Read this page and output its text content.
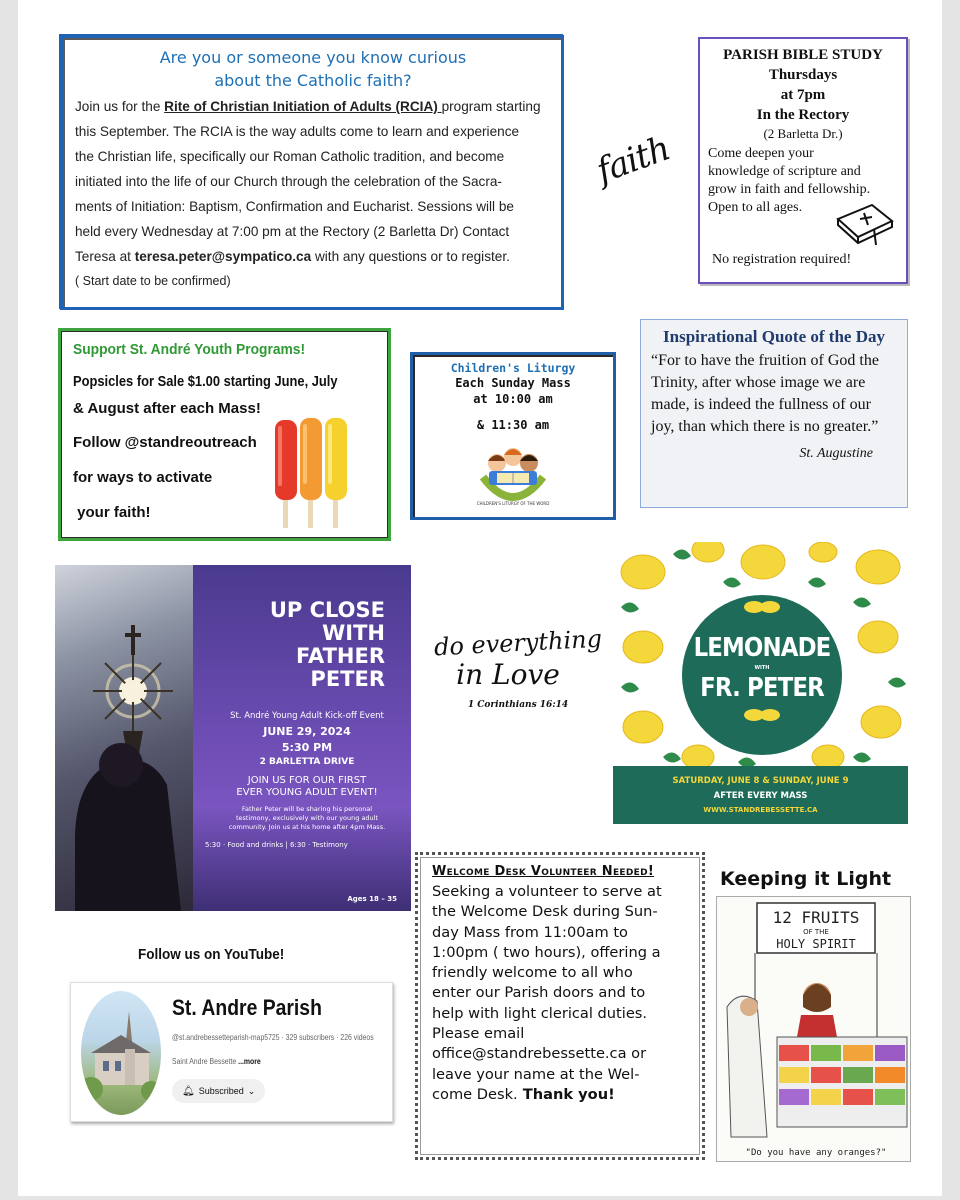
Are you or someone you know curious
about the Catholic faith?
Join us for the Rite of Christian Initiation of Adults (RCIA) program starting
this September. The RCIA is the way adults come to learn and experience
the Christian life, specifically our Roman Catholic tradition, and become
initiated into the life of our Church through the celebration of the Sacra-
ments of Initiation: Baptism, Confirmation and Eucharist. Sessions will be
held every Wednesday at 7:00 pm at the Rectory (2 Barletta Dr) Contact
Teresa at teresa.peter@sympatico.ca with any questions or to register.
( Start date to be confirmed)
faith
PARISH BIBLE STUDY
Thursdays
at 7pm
In the Rectory
(2 Barletta Dr.)
Come deepen your
knowledge of scripture and
grow in faith and fellowship.
Open to all ages.
No registration required!
Support St. André Youth Programs!
Popsicles for Sale $1.00 starting June, July
& August after each Mass!
Follow @standreoutreach
for ways to activate
your faith!
Children's Liturgy
Each Sunday Mass
at 10:00 am
& 11:30 am
CHILDREN'S LITURGY OF THE WORD
Inspirational Quote of the Day
“For to have the fruition of God the Trinity, after whose image we are made, is indeed the fullness of our joy, than which there is no greater.”
St. Augustine
UP CLOSE
WITH
FATHER
PETER
St. André Young Adult Kick-off Event
JUNE 29, 2024
5:30 PM
2 BARLETTA DRIVE
JOIN US FOR OUR FIRST
EVER YOUNG ADULT EVENT!
Father Peter will be sharing his personal testimony, exclusively with our young adult community. Join us at his home after 4pm Mass.
5:30 · Food and drinks | 6:30 · Testimony
Ages 18 – 35
do everything
in Love
1 Corinthians 16:14
LEMONADE
WITH
FR. PETER
SATURDAY, JUNE 8 & SUNDAY, JUNE 9
AFTER EVERY MASS
WWW.STANDREBESSETTE.CA
Welcome Desk Volunteer Needed!
Seeking a volunteer to serve at
the Welcome Desk during Sun-
day Mass from 11:00am to
1:00pm ( two hours), offering a
friendly welcome to all who
enter our Parish doors and to
help with light clerical duties.
Please email
office@standrebessette.ca or
leave your name at the Wel-
come Desk. Thank you!
Keeping it Light
12 FRUITS
OF THE
HOLY SPIRIT
"Do you have any oranges?"
Follow us on YouTube!
St. Andre Parish
@st.andrebessetteparish-map5725 · 329 subscribers · 226 videos
Saint Andre Bessette ...more
🔔︎ Subscribed ⌄
